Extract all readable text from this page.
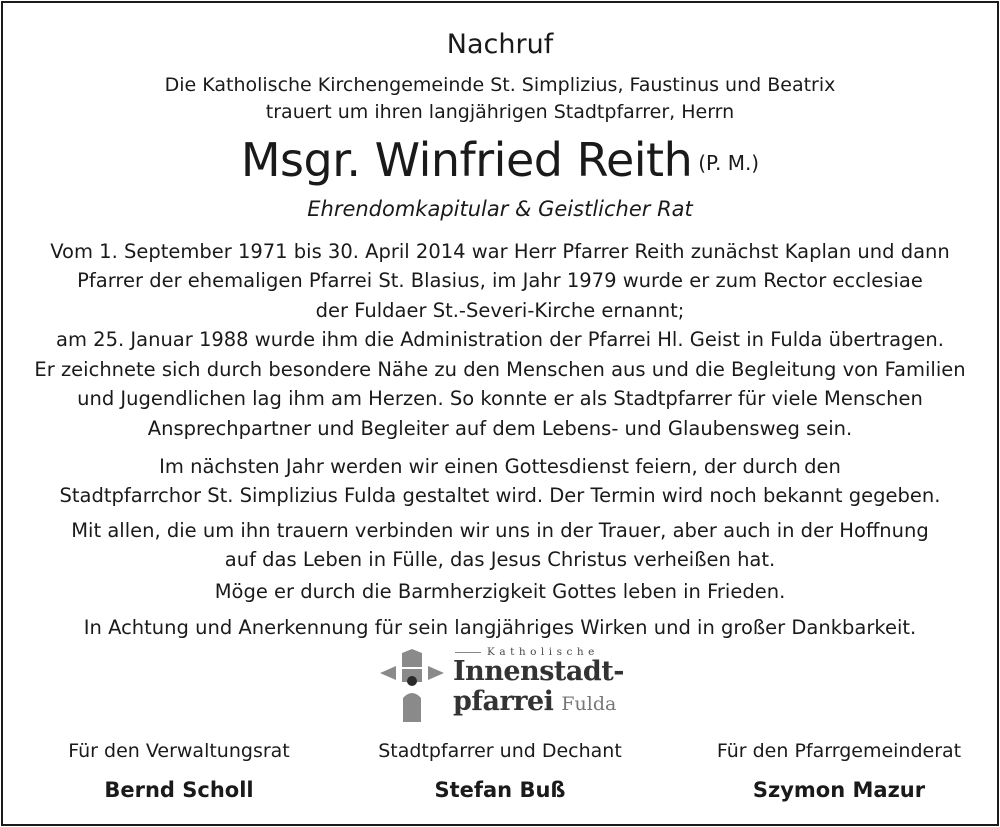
Nachruf
Die Katholische Kirchengemeinde St. Simplizius, Faustinus und Beatrix
trauert um ihren langjährigen Stadtpfarrer, Herrn
Msgr. Winfried Reith (P. M.)
Ehrendomkapitular & Geistlicher Rat
Vom 1. September 1971 bis 30. April 2014 war Herr Pfarrer Reith zunächst Kaplan und dann
Pfarrer der ehemaligen Pfarrei St. Blasius, im Jahr 1979 wurde er zum Rector ecclesiae
der Fuldaer St.-Severi-Kirche ernannt;
am 25. Januar 1988 wurde ihm die Administration der Pfarrei Hl. Geist in Fulda übertragen.
Er zeichnete sich durch besondere Nähe zu den Menschen aus und die Begleitung von Familien
und Jugendlichen lag ihm am Herzen. So konnte er als Stadtpfarrer für viele Menschen
Ansprechpartner und Begleiter auf dem Lebens- und Glaubensweg sein.
Im nächsten Jahr werden wir einen Gottesdienst feiern, der durch den
Stadtpfarrchor St. Simplizius Fulda gestaltet wird. Der Termin wird noch bekannt gegeben.
Mit allen, die um ihn trauern verbinden wir uns in der Trauer, aber auch in der Hoffnung
auf das Leben in Fülle, das Jesus Christus verheißen hat.
Möge er durch die Barmherzigkeit Gottes leben in Frieden.
In Achtung und Anerkennung für sein langjähriges Wirken und in großer Dankbarkeit.
Katholische
Innenstadt-
pfarrei Fulda
Für den Verwaltungsrat	Stadtpfarrer und Dechant	Für den Pfarrgemeinderat
Bernd Scholl	Stefan Buß	Szymon Mazur
